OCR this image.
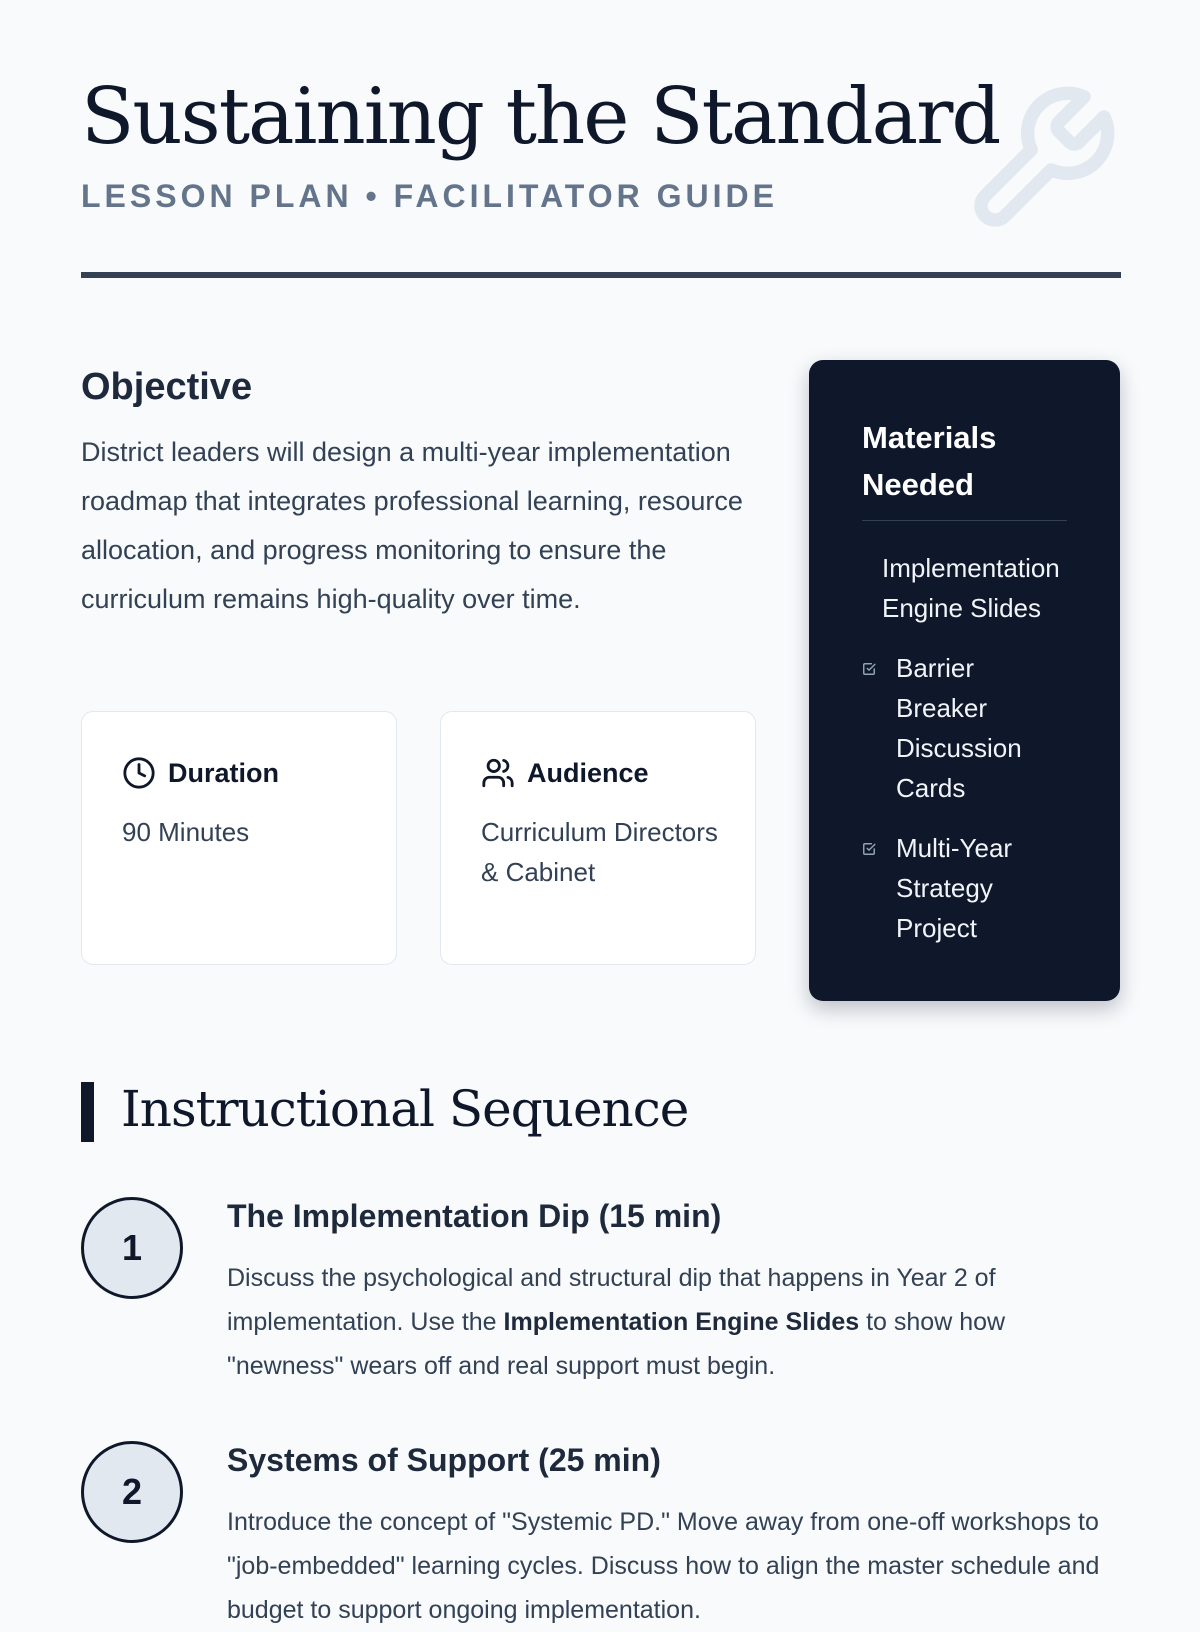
Sustaining the Standard
LESSON PLAN • FACILITATOR GUIDE
Objective

District leaders will design a multi-year implementation roadmap that integrates professional learning, resource allocation, and progress monitoring to ensure the curriculum remains high-quality over time.

Duration
90 Minutes
Audience
Curriculum Directors & Cabinet
Materials Needed
Implementation Engine Slides
Barrier Breaker Discussion Cards
Multi-Year Strategy Project
Instructional Sequence
1
The Implementation Dip (15 min)

Discuss the psychological and structural dip that happens in Year 2 of implementation. Use the Implementation Engine Slides to show how "newness" wears off and real support must begin.

2
Systems of Support (25 min)

Introduce the concept of "Systemic PD." Move away from one-off workshops to "job-embedded" learning cycles. Discuss how to align the master schedule and budget to support ongoing implementation.
